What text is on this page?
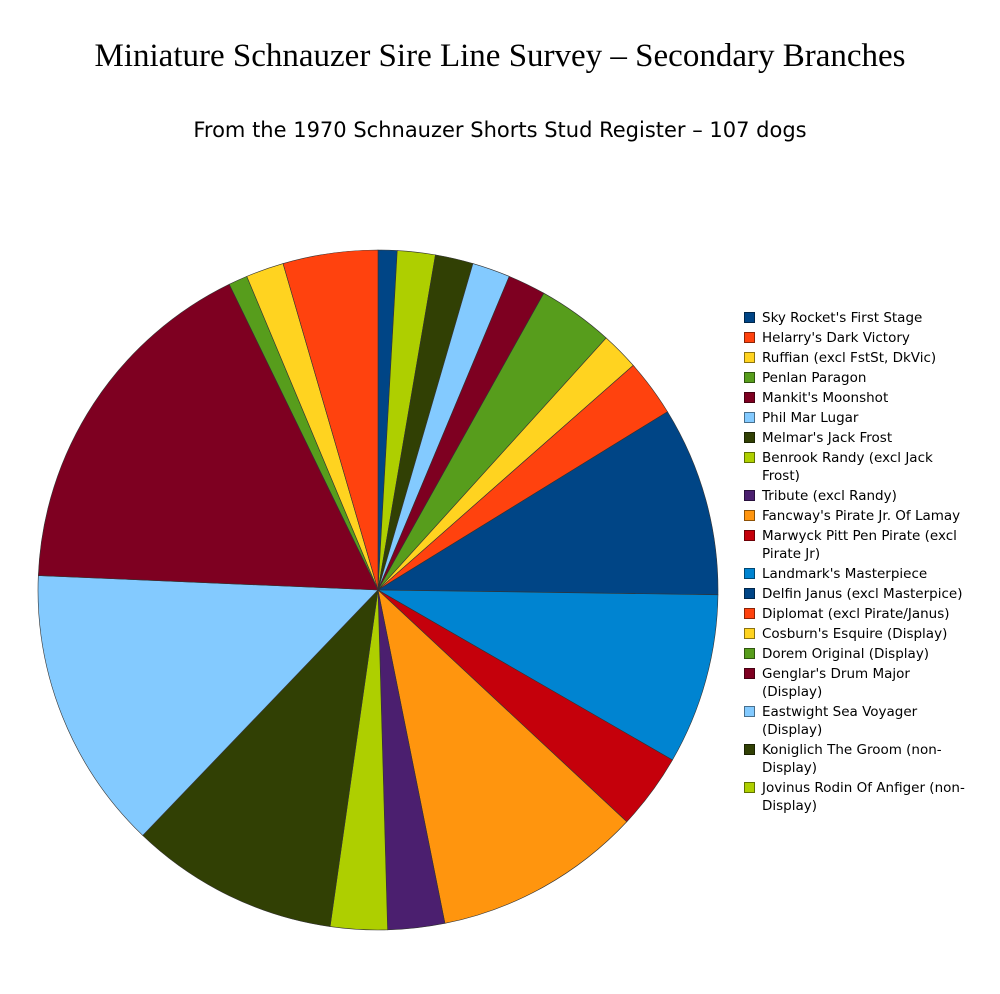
Miniature Schnauzer Sire Line Survey – Secondary Branches
From the 1970 Schnauzer Shorts Stud Register – 107 dogs
Sky Rocket's First Stage
Helarry's Dark Victory
Ruffian (excl FstSt, DkVic)
Penlan Paragon
Mankit's Moonshot
Phil Mar Lugar
Melmar's Jack Frost
Benrook Randy (excl Jack Frost)
Tribute (excl Randy)
Fancway's Pirate Jr. Of Lamay
Marwyck Pitt Pen Pirate (excl Pirate Jr)
Landmark's Masterpiece
Delfin Janus (excl Masterpice)
Diplomat (excl Pirate/Janus)
Cosburn's Esquire (Display)
Dorem Original (Display)
Genglar's Drum Major (Display)
Eastwight Sea Voyager (Display)
Koniglich The Groom (non-Display)
Jovinus Rodin Of Anfiger (non-Display)
